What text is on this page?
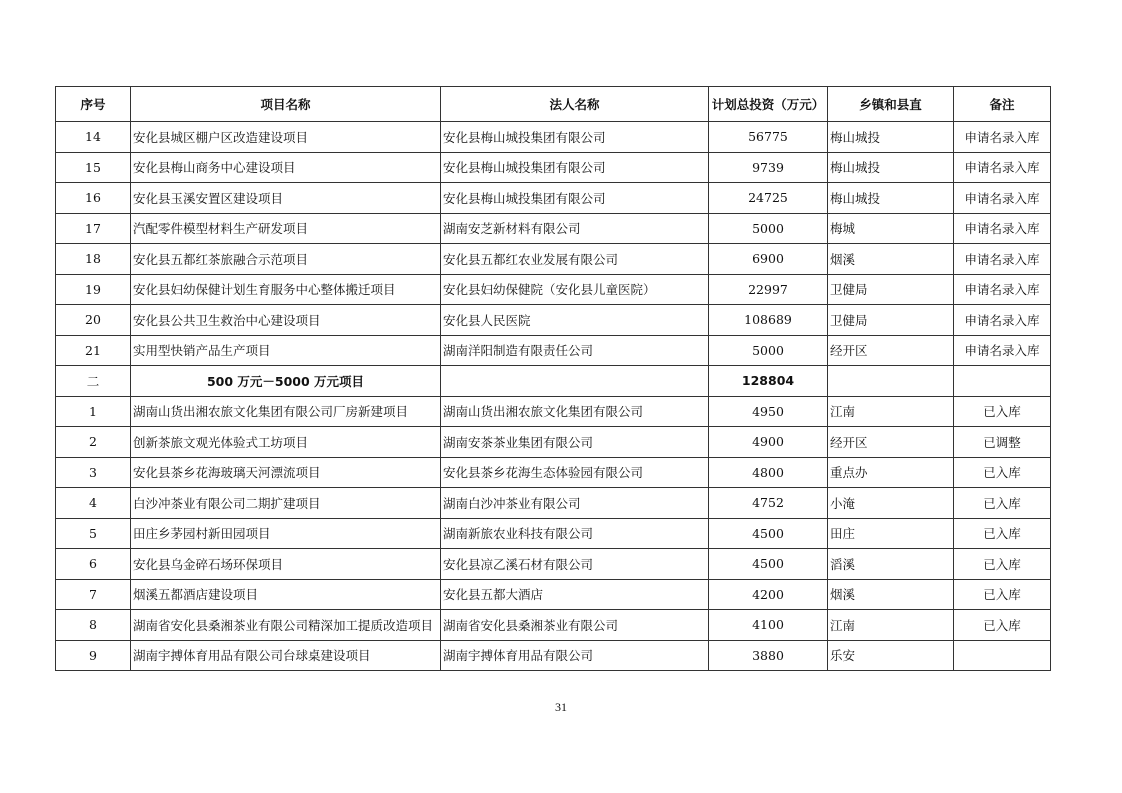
序号	项目名称	法人名称	计划总投资（万元）	乡镇和县直	备注
14	安化县城区棚户区改造建设项目	安化县梅山城投集团有限公司	56775	梅山城投	申请名录入库
15	安化县梅山商务中心建设项目	安化县梅山城投集团有限公司	9739	梅山城投	申请名录入库
16	安化县玉溪安置区建设项目	安化县梅山城投集团有限公司	24725	梅山城投	申请名录入库
17	汽配零件模型材料生产研发项目	湖南安芝新材料有限公司	5000	梅城	申请名录入库
18	安化县五都红茶旅融合示范项目	安化县五都红农业发展有限公司	6900	烟溪	申请名录入库
19	安化县妇幼保健计划生育服务中心整体搬迁项目	安化县妇幼保健院（安化县儿童医院）	22997	卫健局	申请名录入库
20	安化县公共卫生救治中心建设项目	安化县人民医院	108689	卫健局	申请名录入库
21	实用型快销产品生产项目	湖南洋阳制造有限责任公司	5000	经开区	申请名录入库
二	500 万元－5000 万元项目		128804		
1	湖南山货出湘农旅文化集团有限公司厂房新建项目	湖南山货出湘农旅文化集团有限公司	4950	江南	已入库
2	创新茶旅文观光体验式工坊项目	湖南安茶茶业集团有限公司	4900	经开区	已调整
3	安化县茶乡花海玻璃天河漂流项目	安化县茶乡花海生态体验园有限公司	4800	重点办	已入库
4	白沙冲茶业有限公司二期扩建项目	湖南白沙冲茶业有限公司	4752	小淹	已入库
5	田庄乡茅园村新田园项目	湖南新旅农业科技有限公司	4500	田庄	已入库
6	安化县乌金碎石场环保项目	安化县凉乙溪石材有限公司	4500	滔溪	已入库
7	烟溪五都酒店建设项目	安化县五都大酒店	4200	烟溪	已入库
8	湖南省安化县桑湘茶业有限公司精深加工提质改造项目	湖南省安化县桑湘茶业有限公司	4100	江南	已入库
9	湖南宇搏体育用品有限公司台球桌建设项目	湖南宇搏体育用品有限公司	3880	乐安	
31
